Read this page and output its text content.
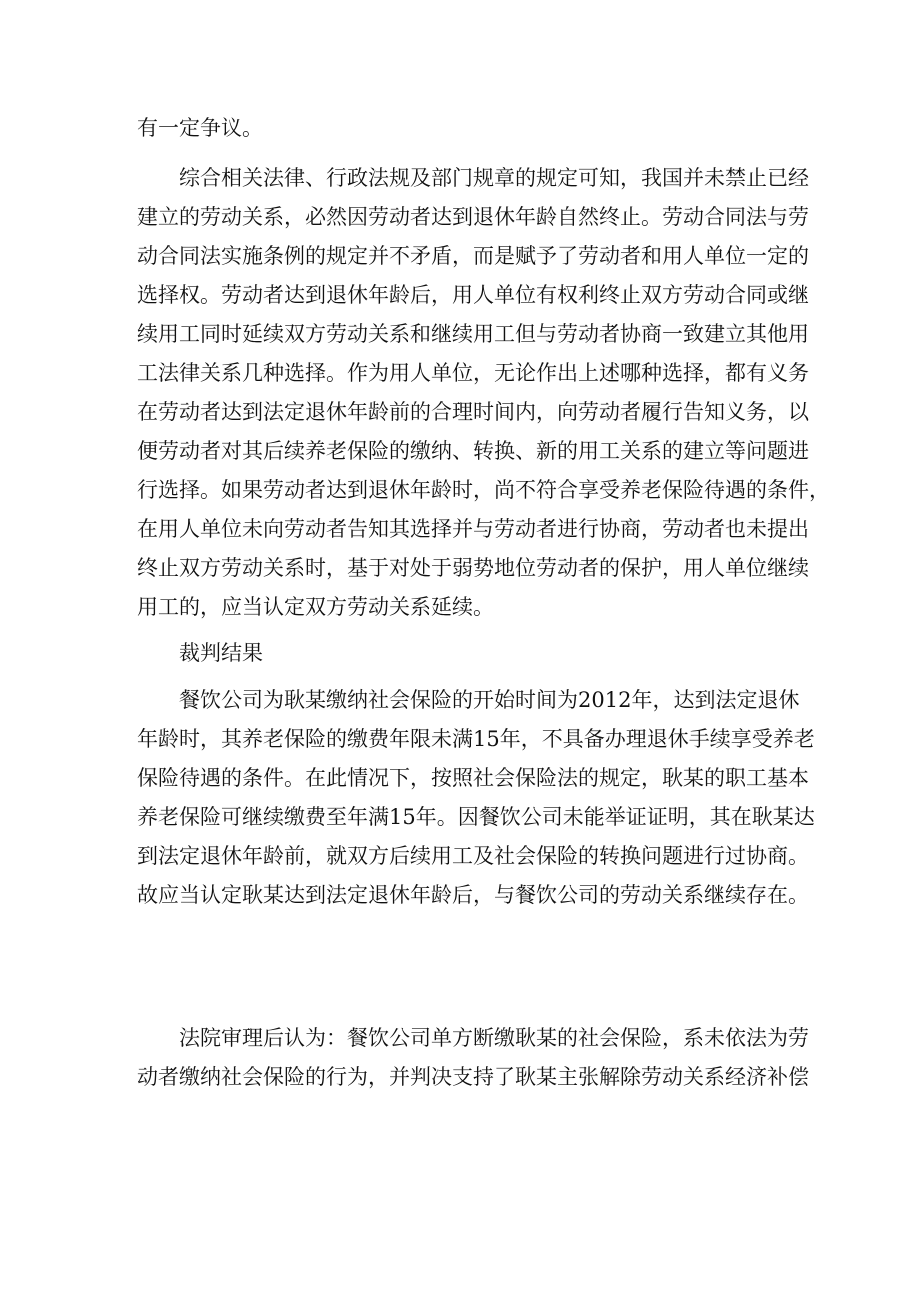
有一定争议。
综合相关法律、行政法规及部门规章的规定可知，我国并未禁止已经
建立的劳动关系，必然因劳动者达到退休年龄自然终止。劳动合同法与劳
动合同法实施条例的规定并不矛盾，而是赋予了劳动者和用人单位一定的
选择权。劳动者达到退休年龄后，用人单位有权利终止双方劳动合同或继
续用工同时延续双方劳动关系和继续用工但与劳动者协商一致建立其他用
工法律关系几种选择。作为用人单位，无论作出上述哪种选择，都有义务
在劳动者达到法定退休年龄前的合理时间内，向劳动者履行告知义务，以
便劳动者对其后续养老保险的缴纳、转换、新的用工关系的建立等问题进
行选择。如果劳动者达到退休年龄时，尚不符合享受养老保险待遇的条件，
在用人单位未向劳动者告知其选择并与劳动者进行协商，劳动者也未提出
终止双方劳动关系时，基于对处于弱势地位劳动者的保护，用人单位继续
用工的，应当认定双方劳动关系延续。
裁判结果
餐饮公司为耿某缴纳社会保险的开始时间为2012年，达到法定退休
年龄时，其养老保险的缴费年限未满15年，不具备办理退休手续享受养老
保险待遇的条件。在此情况下，按照社会保险法的规定，耿某的职工基本
养老保险可继续缴费至年满15年。因餐饮公司未能举证证明，其在耿某达
到法定退休年龄前，就双方后续用工及社会保险的转换问题进行过协商。
故应当认定耿某达到法定退休年龄后，与餐饮公司的劳动关系继续存在。
法院审理后认为：餐饮公司单方断缴耿某的社会保险，系未依法为劳
动者缴纳社会保险的行为，并判决支持了耿某主张解除劳动关系经济补偿
